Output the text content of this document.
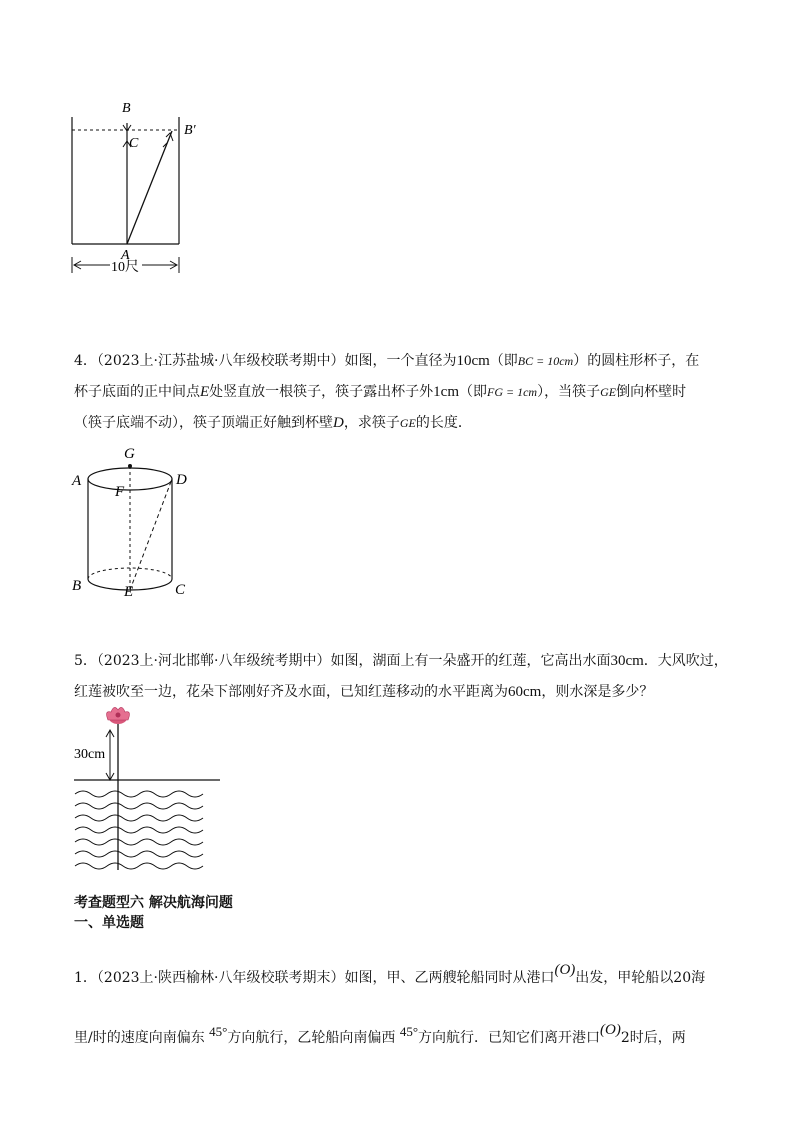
B
B′
C
A
10尺

4．（2023上·江苏盐城·八年级校联考期中）如图，一个直径为10cm（即BC = 10cm）的圆柱形杯子，在

杯子底面的正中间点E处竖直放一根筷子，筷子露出杯子外1cm（即FG = 1cm），当筷子GE倒向杯壁时

（筷子底端不动），筷子顶端正好触到杯壁D，求筷子GE的长度．

G
A
F
D
B	E	C

5．（2023上·河北邯郸·八年级统考期中）如图，湖面上有一朵盛开的红莲，它高出水面30cm．大风吹过，

红莲被吹至一边，花朵下部刚好齐及水面，已知红莲移动的水平距离为60cm，则水深是多少？

30cm
考查题型六 解决航海问题
一、单选题

1．（2023上·陕西榆林·八年级校联考期末）如图，甲、乙两艘轮船同时从港口(O)出发，甲轮船以20海

里/时的速度向南偏东 45°方向航行，乙轮船向南偏西 45°方向航行．已知它们离开港口(O)2时后，两
